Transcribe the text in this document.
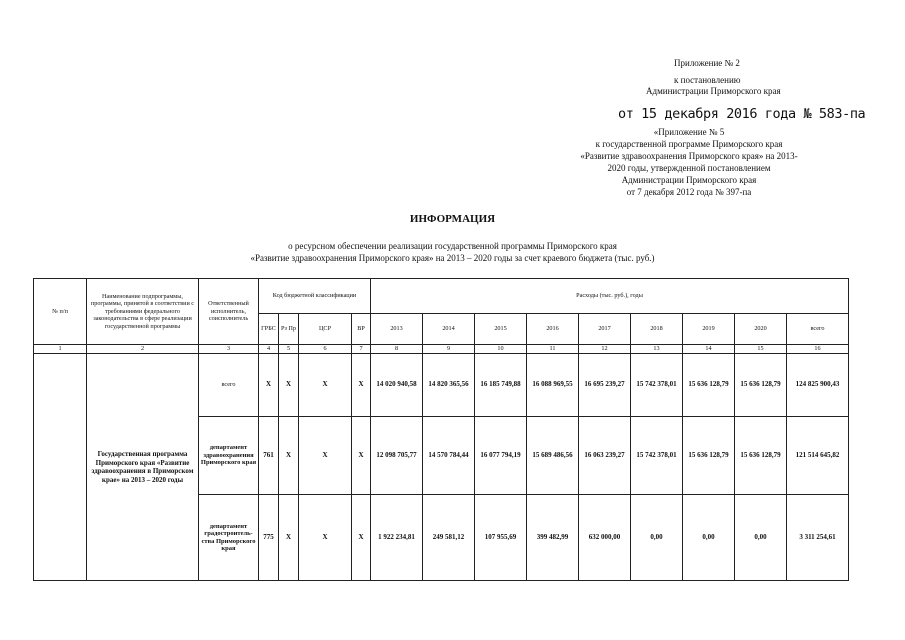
Приложение № 2
к постановлению
Администрации Приморского края
от 15 декабря 2016 года № 583-па
«Приложение № 5
к государственной программе Приморского края
«Развитие здравоохранения Приморского края» на 2013-
2020 годы, утвержденной постановлением
Администрации Приморского края
от 7 декабря 2012 года № 397-па
ИНФОРМАЦИЯ
о ресурсном обеспечении реализации государственной программы Приморского края
«Развитие здравоохранения Приморского края» на 2013 – 2020 годы за счет краевого бюджета (тыс. руб.)
№ п/п	Наименование подпрограммы, программы, принятой в соответствии с требованиями федерального законодательства в сфере реализации государственной программы	Ответственный исполнитель, соисполнитель	Код бюджетной классификации				Расходы (тыс. руб.), годы								
			ГРБС	Рз Пр	ЦСР	ВР	2013	2014	2015	2016	2017	2018	2019	2020	всего
1	2	3	4	5	6	7	8	9	10	11	12	13	14	15	16
	Государственная программа Приморского края «Развитие здравоохранения в Приморском крае» на 2013 – 2020 годы	всего	Х	Х	Х	Х	14 020 940,58	14 820 365,56	16 185 749,88	16 088 969,55	16 695 239,27	15 742 378,01	15 636 128,79	15 636 128,79	124 825 900,43
		департамент здравоохранения Приморского края	761	Х	Х	Х	12 098 705,77	14 570 784,44	16 077 794,19	15 689 486,56	16 063 239,27	15 742 378,01	15 636 128,79	15 636 128,79	121 514 645,82
		департамент градостроитель-ства Приморского края	775	Х	Х	Х	1 922 234,81	249 581,12	107 955,69	399 482,99	632 000,00	0,00	0,00	0,00	3 311 254,61
